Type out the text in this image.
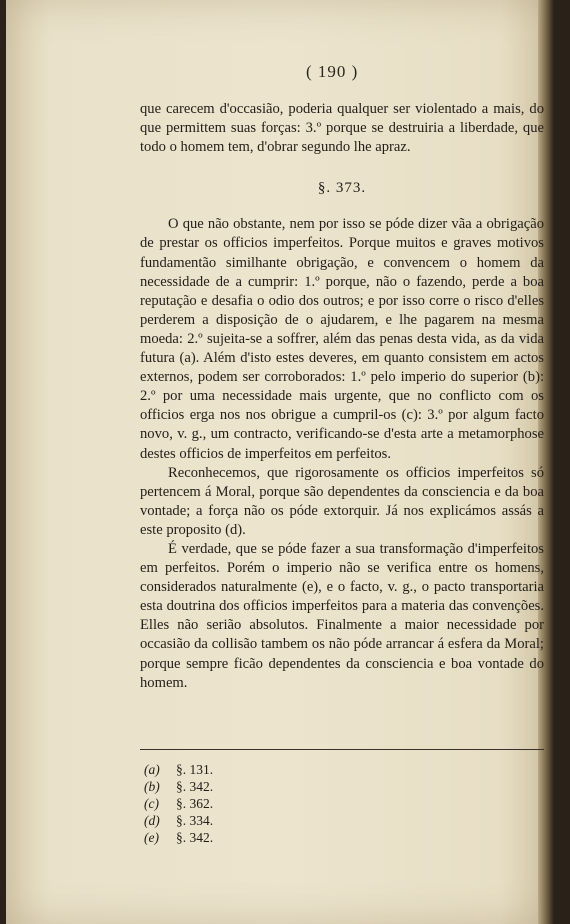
( 190 )

que carecem d'occasião, poderia qualquer ser violentado a mais, do que permittem suas forças: 3.º porque se destruiria a liberdade, que todo o homem tem, d'obrar segundo lhe apraz.

§. 373.

O que não obstante, nem por isso se póde dizer vãa a obrigação de prestar os officios imperfeitos. Porque muitos e graves motivos fundamentão similhante obrigação, e convencem o homem da necessidade de a cumprir: 1.º porque, não o fazendo, perde a boa reputação e desafia o odio dos outros; e por isso corre o risco d'elles perderem a disposição de o ajudarem, e lhe pagarem na mesma moeda: 2.º sujeita-se a soffrer, além das penas desta vida, as da vida futura (a). Além d'isto estes deveres, em quanto consistem em actos externos, podem ser corroborados: 1.º pelo imperio do superior (b): 2.º por uma necessidade mais urgente, que no conflicto com os officios erga nos nos obrigue a cumpril-os (c): 3.º por algum facto novo, v. g., um contracto, verificando-se d'esta arte a metamorphose destes officios de imperfeitos em perfeitos.

Reconhecemos, que rigorosamente os officios imperfeitos só pertencem á Moral, porque são dependentes da consciencia e da boa vontade; a força não os póde extorquir. Já nos explicámos assás a este proposito (d).

É verdade, que se póde fazer a sua transformação d'imperfeitos em perfeitos. Porém o imperio não se verifica entre os homens, considerados naturalmente (e), e o facto, v. g., o pacto transportaria esta doutrina dos officios imperfeitos para a materia das convenções. Elles não serião absolutos. Finalmente a maior necessidade por occasião da collisão tambem os não póde arrancar á esfera da Moral; porque sempre ficão dependentes da consciencia e boa vontade do homem.

(a)	§. 131.
(b)	§. 342.
(c)	§. 362.
(d)	§. 334.
(e)	§. 342.
